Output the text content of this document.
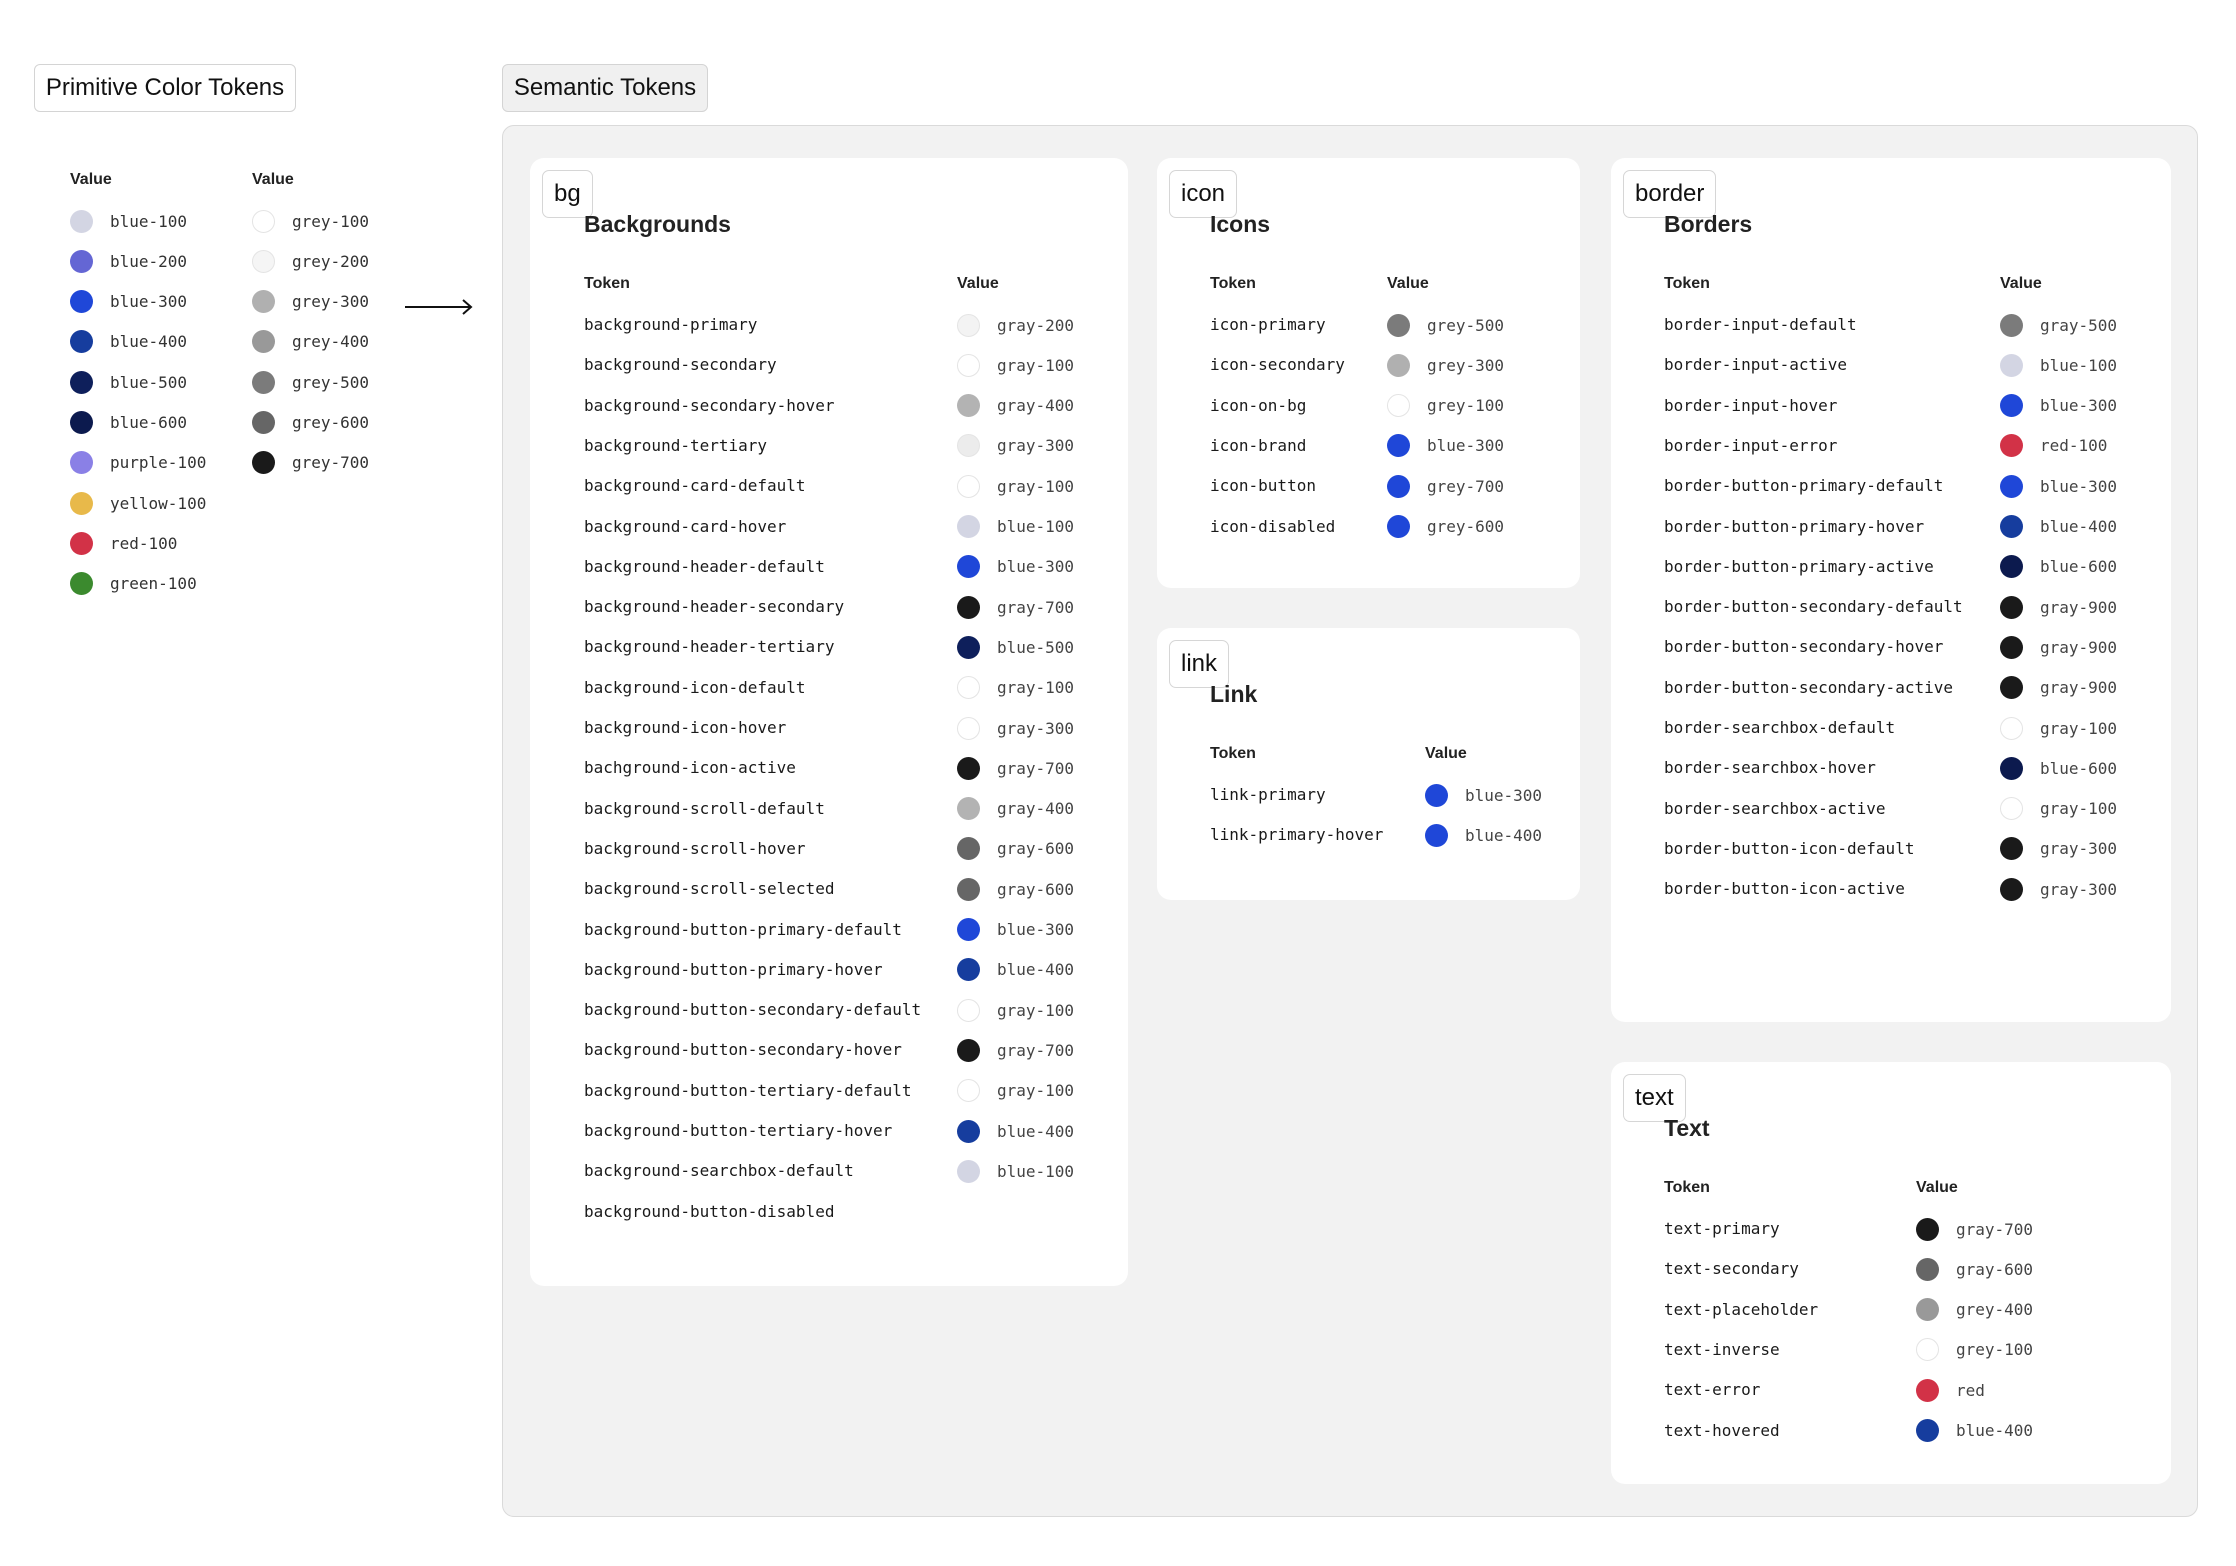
Primitive Color Tokens
Value	Value
blue-100
blue-200
blue-300
blue-400
blue-500
blue-600
purple-100
yellow-100
red-100
green-100
grey-100
grey-200
grey-300
grey-400
grey-500
grey-600
grey-700
Semantic Tokens
bg
Backgrounds
Token	Value
background-primary	gray-200
background-secondary	gray-100
background-secondary-hover	gray-400
background-tertiary	gray-300
background-card-default	gray-100
background-card-hover	blue-100
background-header-default	blue-300
background-header-secondary	gray-700
background-header-tertiary	blue-500
background-icon-default	gray-100
background-icon-hover	gray-300
bachground-icon-active	gray-700
background-scroll-default	gray-400
background-scroll-hover	gray-600
background-scroll-selected	gray-600
background-button-primary-default	blue-300
background-button-primary-hover	blue-400
background-button-secondary-default	gray-100
background-button-secondary-hover	gray-700
background-button-tertiary-default	gray-100
background-button-tertiary-hover	blue-400
background-searchbox-default	blue-100
background-button-disabled
icon
Icons
Token	Value
icon-primary	grey-500
icon-secondary	grey-300
icon-on-bg	grey-100
icon-brand	blue-300
icon-button	grey-700
icon-disabled	grey-600
link
Link
Token	Value
link-primary	blue-300
link-primary-hover	blue-400
border
Borders
Token	Value
border-input-default	gray-500
border-input-active	blue-100
border-input-hover	blue-300
border-input-error	red-100
border-button-primary-default	blue-300
border-button-primary-hover	blue-400
border-button-primary-active	blue-600
border-button-secondary-default	gray-900
border-button-secondary-hover	gray-900
border-button-secondary-active	gray-900
border-searchbox-default	gray-100
border-searchbox-hover	blue-600
border-searchbox-active	gray-100
border-button-icon-default	gray-300
border-button-icon-active	gray-300
text
Text
Token	Value
text-primary	gray-700
text-secondary	gray-600
text-placeholder	grey-400
text-inverse	grey-100
text-error	red
text-hovered	blue-400
